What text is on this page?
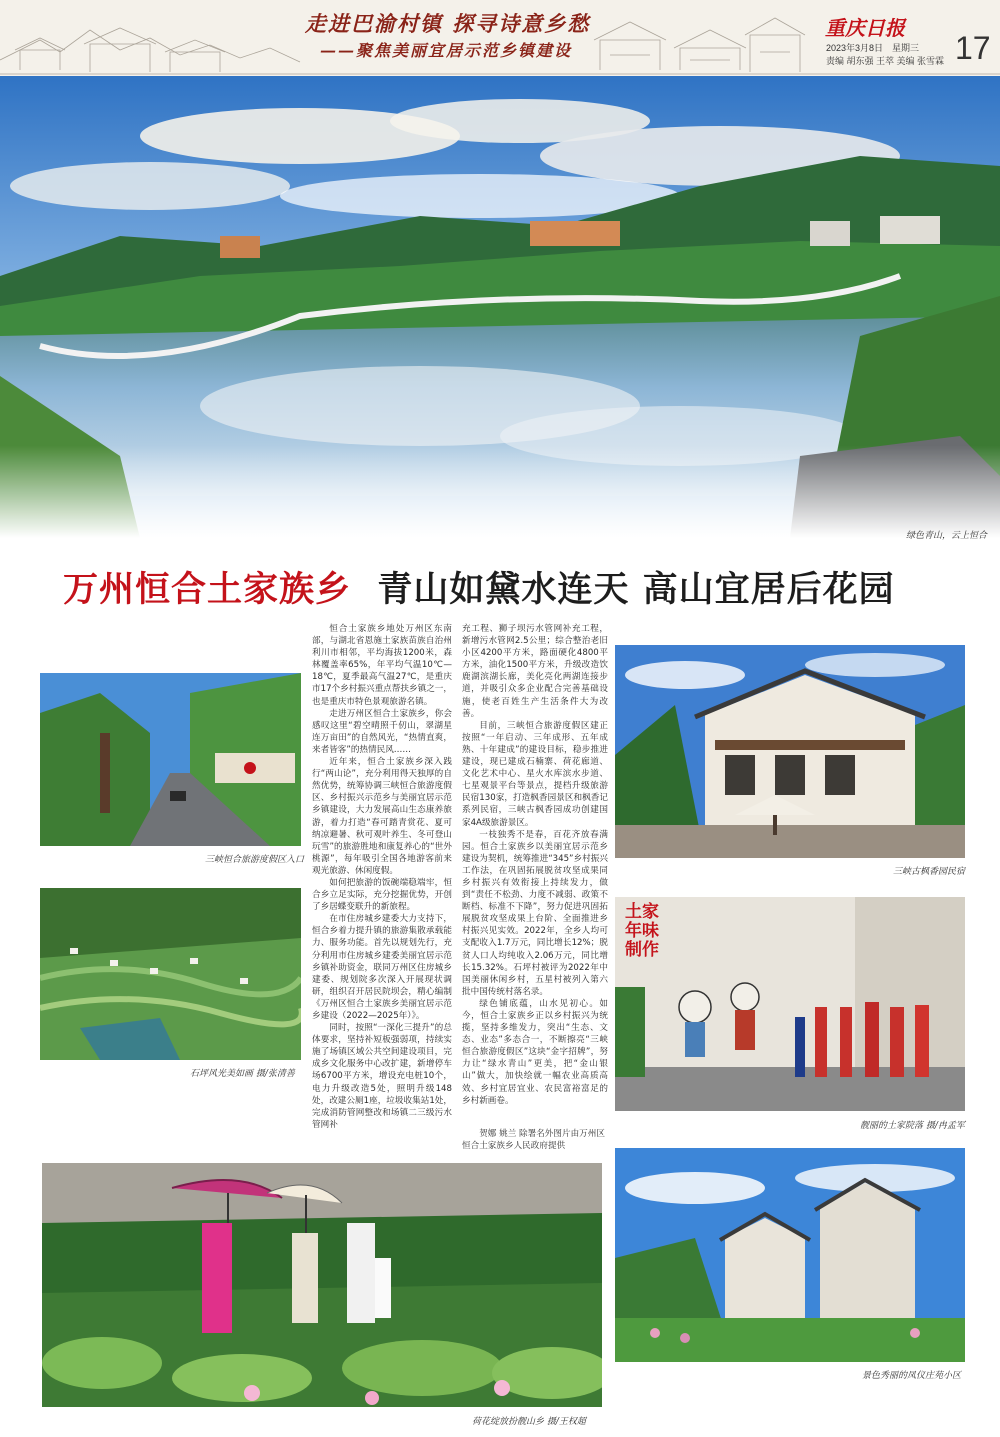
走进巴渝村镇 探寻诗意乡愁
——聚焦美丽宜居示范乡镇建设
重庆日报
2023年3月8日 星期三
责编 胡东强 王萃 美编 张雪霖 17
绿色青山，云上恒合
万州恒合土家族乡 青山如黛水连天 高山宜居后花园
三峡恒合旅游度假区入口
石坪风光美如画 摄/张清善

恒合土家族乡地处万州区东南部，与湖北省恩施土家族苗族自治州利川市相邻，平均海拔1200米，森林覆盖率65%，年平均气温10℃—18℃，夏季最高气温27℃，是重庆市17个乡村振兴重点帮扶乡镇之一，也是重庆市特色景观旅游名镇。

走进万州区恒合土家族乡，你会感叹这里“碧空晴照千仞山，翠湖星连万亩田”的自然风光，“热情直爽，来者皆客”的热情民风……

近年来，恒合土家族乡深入践行“两山论”，充分利用得天独厚的自然优势，统筹协调三峡恒合旅游度假区、乡村振兴示范乡与美丽宜居示范乡镇建设，大力发展高山生态康养旅游，着力打造“春可踏青赏花、夏可纳凉避暑、秋可观叶养生、冬可登山玩雪”的旅游胜地和康复养心的“世外桃源”，每年吸引全国各地游客前来观光旅游、休闲度假。

如何把旅游的饭碗端稳端牢，恒合乡立足实际，充分挖掘优势，开创了乡居蝶变联升的新旅程。

在市住房城乡建委大力支持下，恒合乡着力提升镇的旅游集散承载能力、服务功能。首先以规划先行，充分利用市住房城乡建委美丽宜居示范乡镇补助资金，联同万州区住房城乡建委、规划院多次深入开展现状调研，组织召开居民院坝会，精心编制《万州区恒合土家族乡美丽宜居示范乡建设（2022—2025年）》。

同时，按照“一深化三提升”的总体要求，坚持补短板强弱项，持续实施了场镇区域公共空间建设项目，完成乡文化服务中心改扩建，新增停车场6700平方米，增设充电桩10个，电力升级改造5处，照明升级148处，改建公厕1座，垃圾收集站1处，完成消防管网整改和场镇二三级污水管网补

充工程、狮子坝污水管网补充工程，新增污水管网2.5公里；综合整治老旧小区4200平方米，路面硬化4800平方米，油化1500平方米，升级改造饮鹿湖滨湖长廊，美化亮化两湖连接步道，并吸引众多企业配合完善基础设施，使老百姓生产生活条件大为改善。

目前，三峡恒合旅游度假区建正按照“一年启动、三年成形、五年成熟、十年建成”的建设目标，稳步推进建设，现已建成石楠寨、荷花廊道、文化艺术中心、星火水库滨水步道、七星观景平台等景点，提档升级旅游民宿130家，打造枫香园景区和枫香记系列民宿，三峡古枫香园成功创建国家4A级旅游景区。

一枝独秀不是春，百花齐放春满园。恒合土家族乡以美丽宜居示范乡建设为契机，统筹推进“345”乡村振兴工作法，在巩固拓展脱贫攻坚成果同乡村振兴有效衔接上持续发力，做到“责任不松劲、力度不减弱、政策不断档、标准不下降”，努力促进巩固拓展脱贫攻坚成果上台阶、全面推进乡村振兴见实效。2022年，全乡人均可支配收入1.7万元，同比增长12%；脱贫人口人均纯收入2.06万元，同比增长15.32%。石坪村被评为2022年中国美丽休闲乡村，五星村被列入第六批中国传统村落名录。

绿色铺底蕴，山水见初心。如今，恒合土家族乡正以乡村振兴为统揽，坚持多维发力，突出“生态、文态、业态”多态合一，不断擦亮“三峡恒合旅游度假区”这块“金字招牌”，努力让“绿水青山”更美，把“金山银山”做大，加快绘就一幅农业高质高效、乡村宜居宜业、农民富裕富足的乡村新画卷。

贺娜 姚兰 除署名外图片由万州区恒合土家族乡人民政府提供
三峡古枫香园民宿
土家年味制作
靓丽的土家院落 摄/冉孟军
景色秀丽的凤仪庄苑小区
荷花绽放扮靓山乡 摄/王权超
